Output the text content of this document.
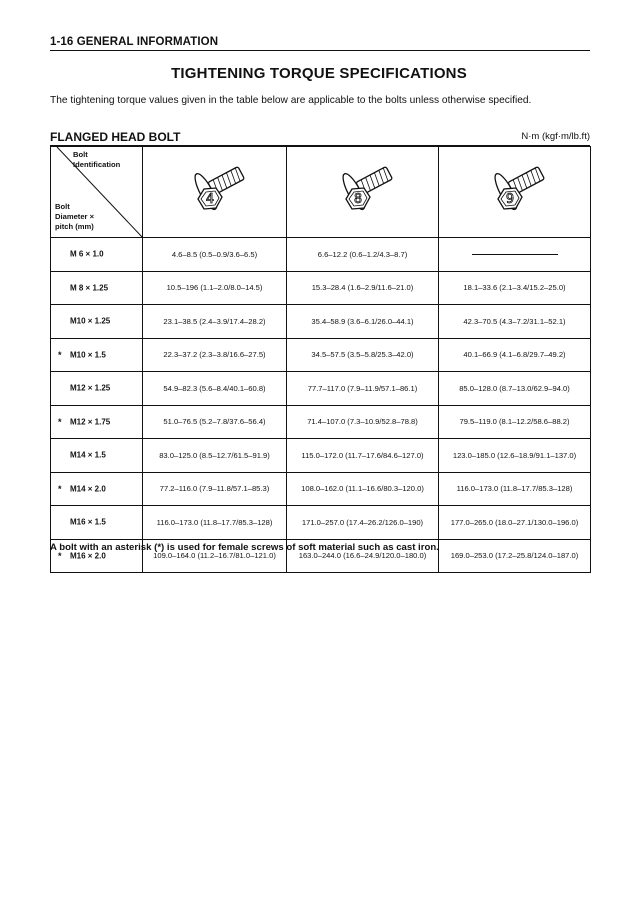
1-16 GENERAL INFORMATION
TIGHTENING TORQUE SPECIFICATIONS
The tightening torque values given in the table below are applicable to the bolts unless otherwise specified.
FLANGED HEAD BOLT	N·m (kgf·m/lb.ft)
Bolt
Identification
Bolt
Diameter ×
pitch (mm)	4	8	9

M 6 × 1.0	4.6–8.5 (0.5–0.9/3.6–6.5)	6.6–12.2 (0.6–1.2/4.3–8.7)	

M 8 × 1.25	10.5–196 (1.1–2.0/8.0–14.5)	15.3–28.4 (1.6–2.9/11.6–21.0)	18.1–33.6 (2.1–3.4/15.2–25.0)

M10 × 1.25	23.1–38.5 (2.4–3.9/17.4–28.2)	35.4–58.9 (3.6–6.1/26.0–44.1)	42.3–70.5 (4.3–7.2/31.1–52.1)

* M10 × 1.5	22.3–37.2 (2.3–3.8/16.6–27.5)	34.5–57.5 (3.5–5.8/25.3–42.0)	40.1–66.9 (4.1–6.8/29.7–49.2)

M12 × 1.25	54.9–82.3 (5.6–8.4/40.1–60.8)	77.7–117.0 (7.9–11.9/57.1–86.1)	85.0–128.0 (8.7–13.0/62.9–94.0)

* M12 × 1.75	51.0–76.5 (5.2–7.8/37.6–56.4)	71.4–107.0 (7.3–10.9/52.8–78.8)	79.5–119.0 (8.1–12.2/58.6–88.2)

M14 × 1.5	83.0–125.0 (8.5–12.7/61.5–91.9)	115.0–172.0 (11.7–17.6/84.6–127.0)	123.0–185.0 (12.6–18.9/91.1–137.0)

* M14 × 2.0	77.2–116.0 (7.9–11.8/57.1–85.3)	108.0–162.0 (11.1–16.6/80.3–120.0)	116.0–173.0 (11.8–17.7/85.3–128)

M16 × 1.5	116.0–173.0 (11.8–17.7/85.3–128)	171.0–257.0 (17.4–26.2/126.0–190)	177.0–265.0 (18.0–27.1/130.0–196.0)

* M16 × 2.0	109.0–164.0 (11.2–16.7/81.0–121.0)	163.0–244.0 (16.6–24.9/120.0–180.0)	169.0–253.0 (17.2–25.8/124.0–187.0)
A bolt with an asterisk (*) is used for female screws of soft material such as cast iron.
